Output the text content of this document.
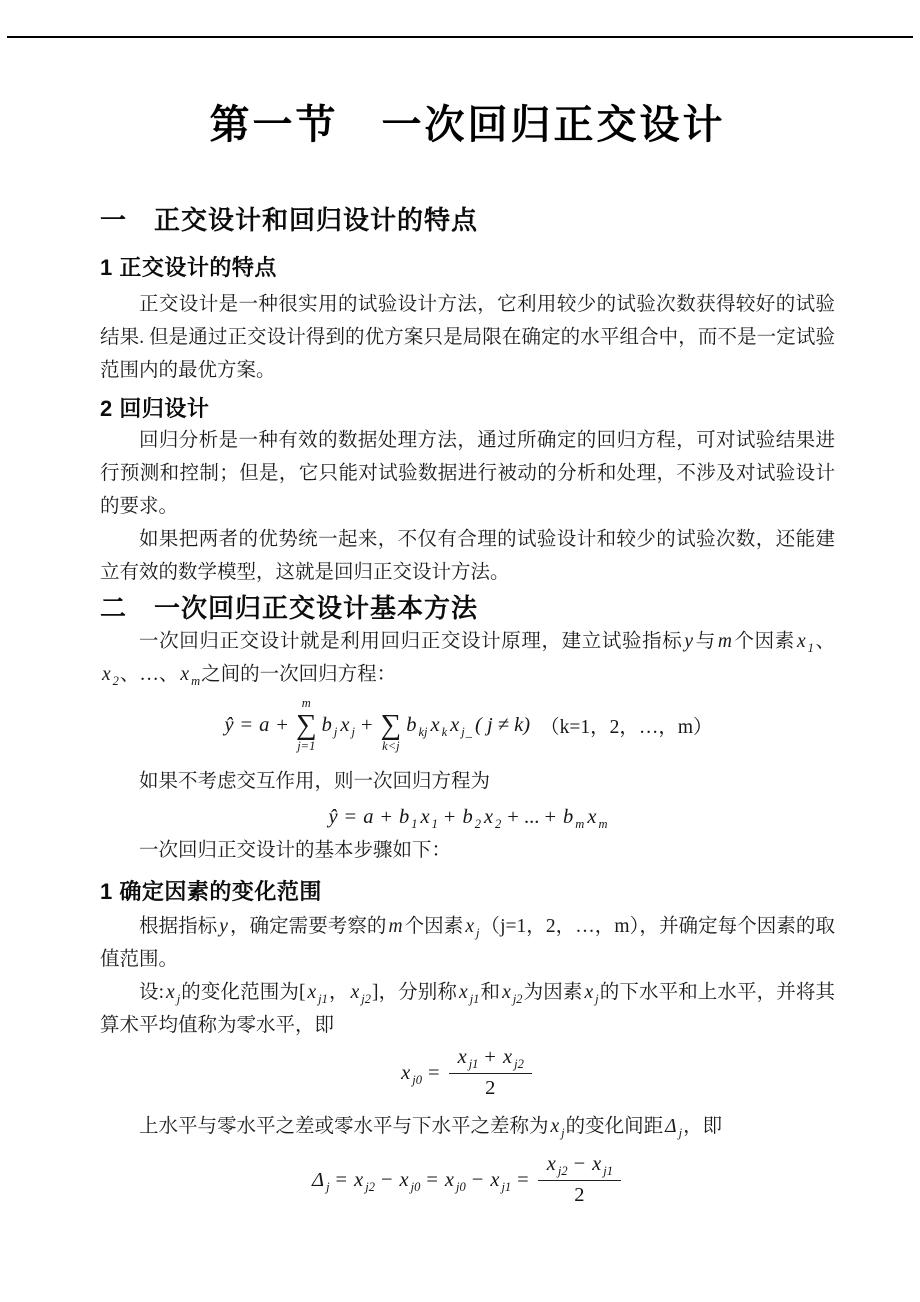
第一节　一次回归正交设计
一　正交设计和回归设计的特点
1 正交设计的特点

正交设计是一种很实用的试验设计方法，它利用较少的试验次数获得较好的试验结果. 但是通过正交设计得到的优方案只是局限在确定的水平组合中，而不是一定试验范围内的最优方案。

2 回归设计

回归分析是一种有效的数据处理方法，通过所确定的回归方程，可对试验结果进行预测和控制；但是，它只能对试验数据进行被动的分析和处理，不涉及对试验设计的要求。

如果把两者的优势统一起来，不仅有合理的试验设计和较少的试验次数，还能建立有效的数学模型，这就是回归正交设计方法。

二　一次回归正交设计基本方法

一次回归正交设计就是利用回归正交设计原理，建立试验指标 y 与 m 个因素 x $_1$、x $_2$、…、 x $_m$之间的一次回归方程：

ŷ = a +
m
∑
j=1
b $_j$ x $_j$ + ∑
k<j
b $_{kj}$ x $_k$ x $_{j\_}$ ( j ≠ k) （k=1，2，…，m）

如果不考虑交互作用，则一次回归方程为

ŷ = a + b $_1$ x $_1$ + b $_2$ x $_2$ + ... + b $_m$ x $_m$

一次回归正交设计的基本步骤如下：

1 确定因素的变化范围

根据指标 y ，确定需要考察的 m 个因素 x $_j$（j=1，2，…，m），并确定每个因素的取值范围。

设: x $_j$的变化范围为[ x $_{j1}$， x $_{j2}$]，分别称 x $_{j1}$和 x $_{j2}$为因素 x $_j$的下水平和上水平，并将其算术平均值称为零水平，即

x $_{j0} = \frac{x _{j1} + x _{j2}}{2}$

上水平与零水平之差或零水平与下水平之差称为 x $_j$的变化间距 Δ $_j$，即

Δ $_j$ = x $_{j2}$ − x $_{j0}$ = x $_{j0}$ − x $_{j1} = \frac{x _{j2} - x _{j1}}{2}$
